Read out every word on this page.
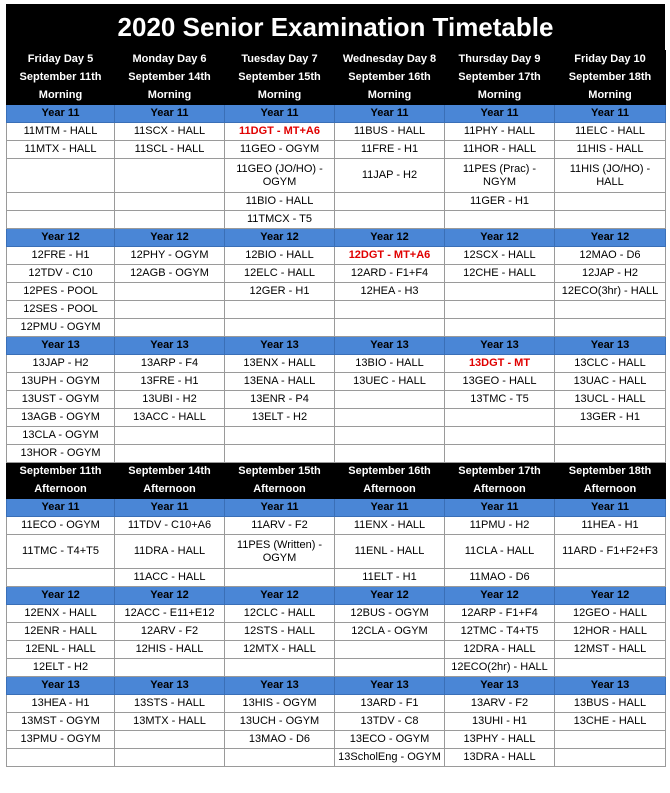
2020 Senior Examination Timetable
Friday Day 5	Monday Day 6	Tuesday Day 7	Wednesday Day 8	Thursday Day 9	Friday Day 10
September 11th	September 14th	September 15th	September 16th	September 17th	September 18th
Morning	Morning	Morning	Morning	Morning	Morning
Year 11	Year 11	Year 11	Year 11	Year 11	Year 11
11MTM - HALL	11SCX - HALL	11DGT - MT+A6	11BUS - HALL	11PHY - HALL	11ELC - HALL
11MTX - HALL	11SCL - HALL	11GEO - OGYM	11FRE - H1	11HOR - HALL	11HIS - HALL
		11GEO (JO/HO) - OGYM	11JAP - H2	11PES (Prac) - NGYM	11HIS (JO/HO) - HALL
		11BIO - HALL		11GER - H1	
		11TMCX - T5			
Year 12	Year 12	Year 12	Year 12	Year 12	Year 12
12FRE - H1	12PHY - OGYM	12BIO - HALL	12DGT - MT+A6	12SCX - HALL	12MAO - D6
12TDV - C10	12AGB - OGYM	12ELC - HALL	12ARD - F1+F4	12CHE - HALL	12JAP - H2
12PES - POOL		12GER - H1	12HEA - H3		12ECO(3hr) - HALL
12SES - POOL					
12PMU - OGYM					
Year 13	Year 13	Year 13	Year 13	Year 13	Year 13
13JAP - H2	13ARP - F4	13ENX - HALL	13BIO - HALL	13DGT - MT	13CLC - HALL
13UPH - OGYM	13FRE - H1	13ENA - HALL	13UEC - HALL	13GEO - HALL	13UAC - HALL
13UST - OGYM	13UBI - H2	13ENR - P4		13TMC - T5	13UCL - HALL
13AGB - OGYM	13ACC - HALL	13ELT - H2			13GER - H1
13CLA - OGYM					
13HOR - OGYM					
September 11th	September 14th	September 15th	September 16th	September 17th	September 18th
Afternoon	Afternoon	Afternoon	Afternoon	Afternoon	Afternoon
Year 11	Year 11	Year 11	Year 11	Year 11	Year 11
11ECO - OGYM	11TDV - C10+A6	11ARV - F2	11ENX - HALL	11PMU - H2	11HEA - H1
11TMC - T4+T5	11DRA - HALL	11PES (Written) - OGYM	11ENL - HALL	11CLA - HALL	11ARD - F1+F2+F3
	11ACC - HALL		11ELT - H1	11MAO - D6	
Year 12	Year 12	Year 12	Year 12	Year 12	Year 12
12ENX - HALL	12ACC - E11+E12	12CLC - HALL	12BUS - OGYM	12ARP - F1+F4	12GEO - HALL
12ENR - HALL	12ARV - F2	12STS - HALL	12CLA - OGYM	12TMC - T4+T5	12HOR - HALL
12ENL - HALL	12HIS - HALL	12MTX - HALL		12DRA - HALL	12MST - HALL
12ELT - H2				12ECO(2hr) - HALL	
Year 13	Year 13	Year 13	Year 13	Year 13	Year 13
13HEA - H1	13STS - HALL	13HIS - OGYM	13ARD - F1	13ARV - F2	13BUS - HALL
13MST - OGYM	13MTX - HALL	13UCH - OGYM	13TDV - C8	13UHI - H1	13CHE - HALL
13PMU - OGYM		13MAO - D6	13ECO - OGYM	13PHY - HALL	
			13ScholEng - OGYM	13DRA - HALL	
